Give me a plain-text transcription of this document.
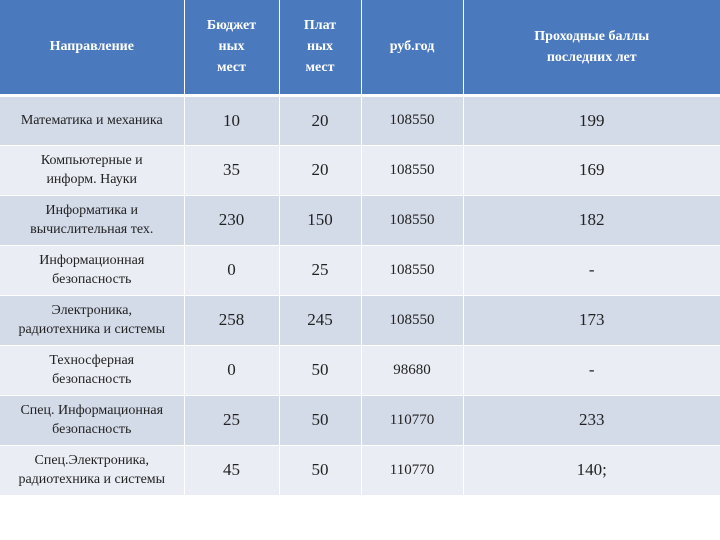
Направление	Бюджет
ных
мест	Плат
ных
мест	руб.год	Проходные баллы
последних лет
Математика и механика	10	20	108550	199
Компьютерные и
информ. Науки	35	20	108550	169
Информатика и
вычислительная тех.	230	150	108550	182
Информационная
безопасность	0	25	108550	-
Электроника,
радиотехника и системы	258	245	108550	173
Техносферная
безопасность	0	50	98680	-
Спец. Информационная
безопасность	25	50	110770	233
Спец.Электроника,
радиотехника и системы	45	50	110770	140;
